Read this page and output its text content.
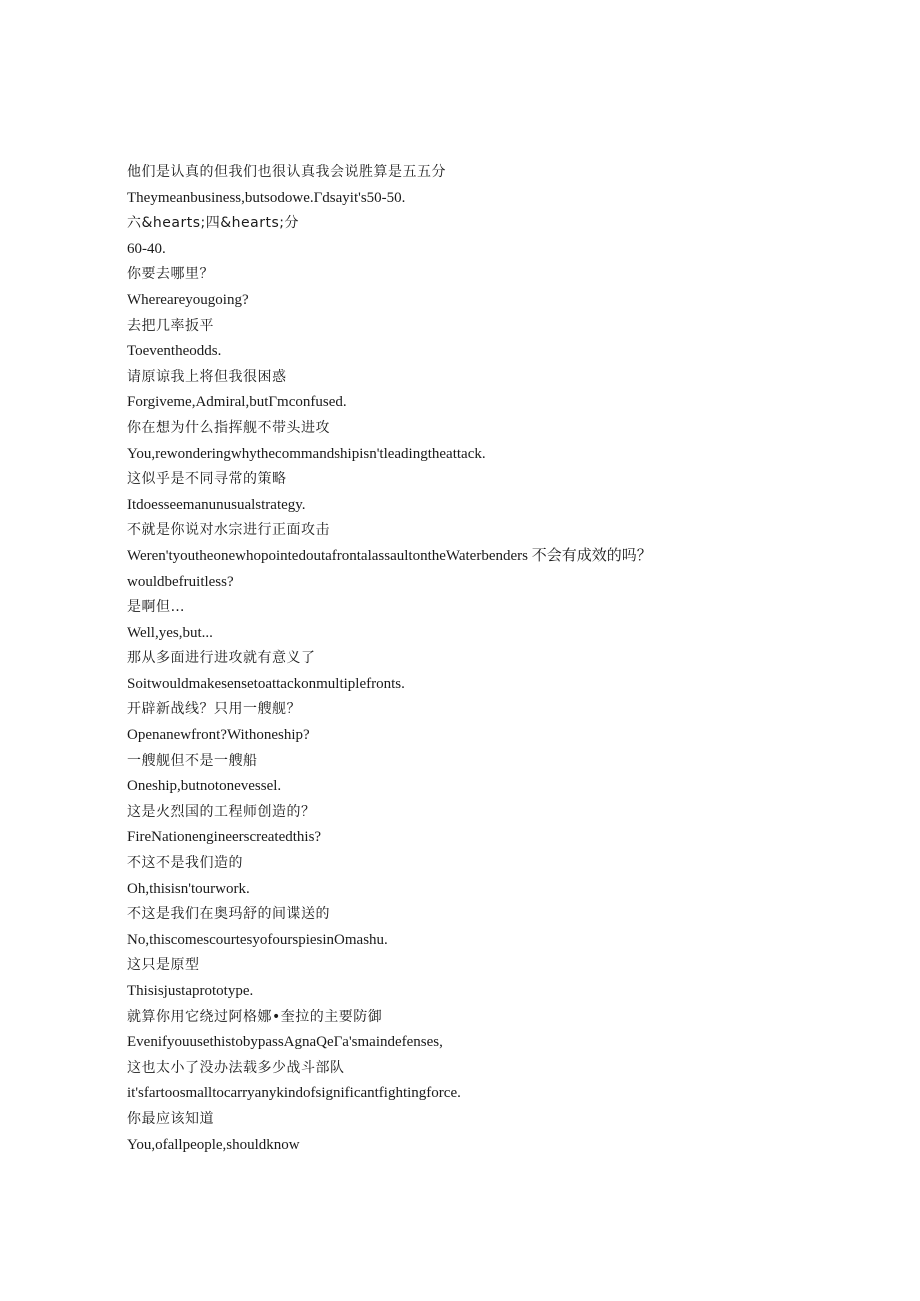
他们是认真的但我们也很认真我会说胜算是五五分
Theymeanbusiness,butsodowe.Гdsayit'ѕ50-50.
六&hearts;四&hearts;分
60-40.
你要去哪里？
Whereareyougoing?
去把几率扳平
Toeventheodds.
请原谅我上将但我很困惑
Forgiveme,Admiral,butΓmconfused.
你在想为什么指挥舰不带头进攻
You,rewonderingwhythecommandshipisn'tleadingtheattack.
这似乎是不同寻常的策略
Itdoesseemanunusualstrategy.
不就是你说对水宗进行正面攻击
Weren'tyoutheonewhopointedoutafrontalassaultontheWaterbenders 不会有成效的吗？
wouldbefruitless?
是啊但…
Well,yes,but...
那从多面进行进攻就有意义了
Soitwouldmakesensetoattackonmultiplefronts.
开辟新战线？只用一艘舰？
Openanewfront?Withoneship?
一艘舰但不是一艘船
Oneship,butnotonevessel.
这是火烈国的工程师创造的？
FireNationengineerscreatedthis?
不这不是我们造的
Oh,thisisn'tourwork.
不这是我们在奥玛舒的间谍送的
No,thiscomescourtesyofourspiesinOmashu.
这只是原型
Thisisjustaprototype.
就算你用它绕过阿格娜•奎拉的主要防御
EvenifyouusethistobypassAgnaQeΓa'smaindefenses,
这也太小了没办法载多少战斗部队
it'sfartoosmalltocarryanykindofsignificantfightingforce.
你最应该知道
You,ofallpeople,shouldknow
